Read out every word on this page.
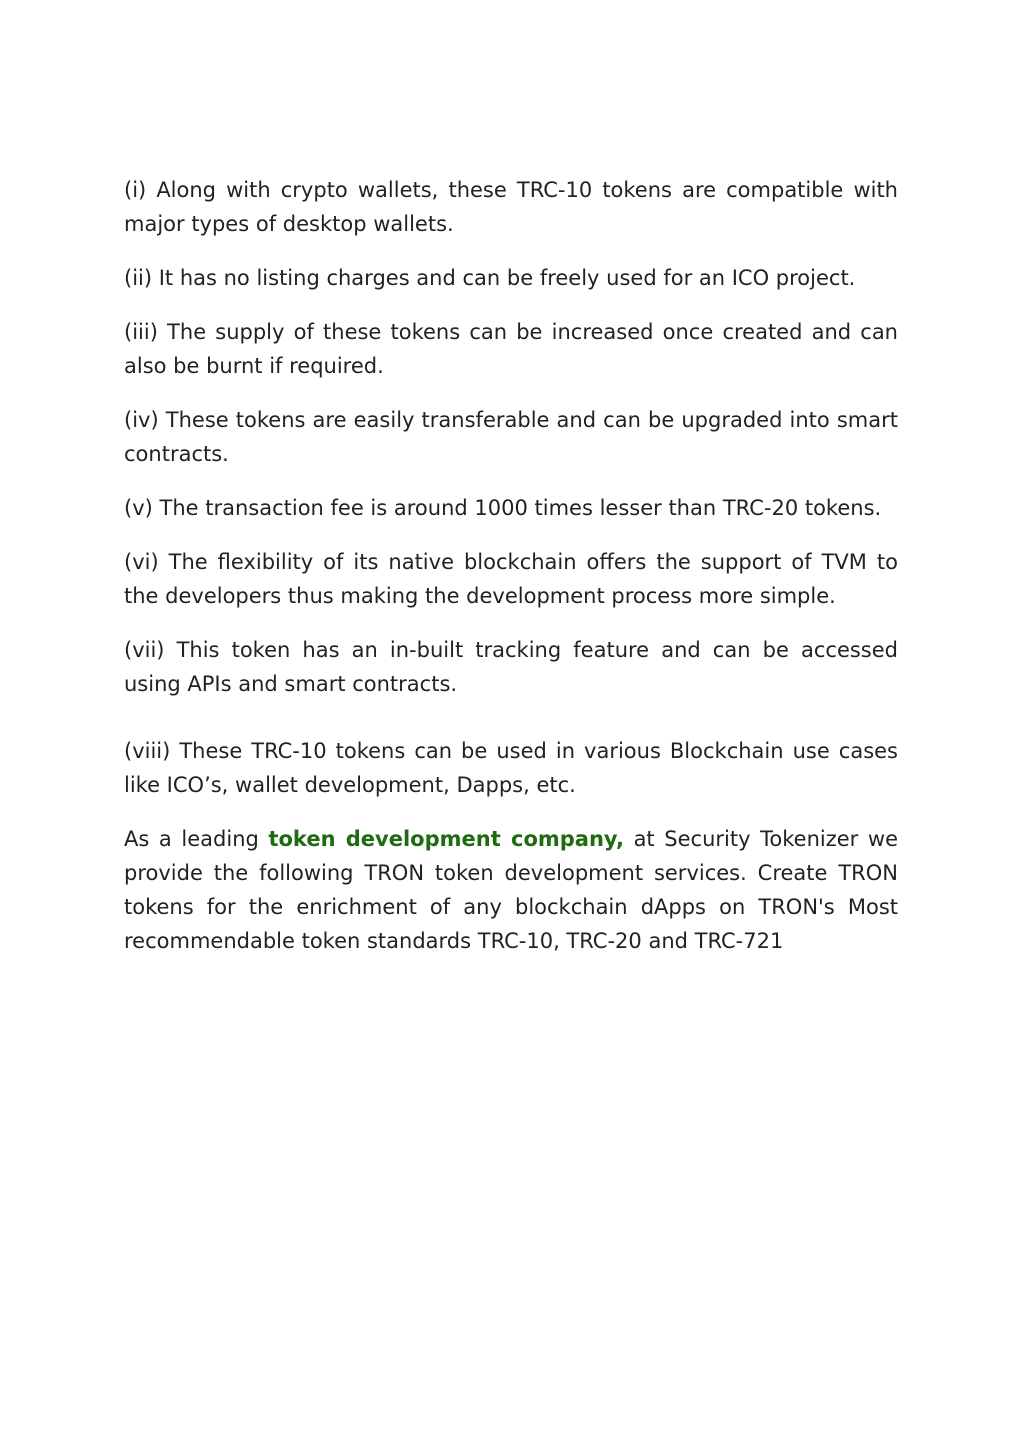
(i) Along with crypto wallets, these TRC-10 tokens are compatible with major types of desktop wallets.

(ii) It has no listing charges and can be freely used for an ICO project.

(iii) The supply of these tokens can be increased once created and can also be burnt if required.

(iv) These tokens are easily transferable and can be upgraded into smart contracts.

(v) The transaction fee is around 1000 times lesser than TRC-20 tokens.

(vi) The flexibility of its native blockchain offers the support of TVM to the developers thus making the development process more simple.

(vii) This token has an in-built tracking feature and can be accessed using APIs and smart contracts.

(viii) These TRC-10 tokens can be used in various Blockchain use cases like ICO’s, wallet development, Dapps, etc.

As a leading token development company, at Security Tokenizer we provide the following TRON token development services. Create TRON tokens for the enrichment of any blockchain dApps on TRON's Most recommendable token standards TRC-10, TRC-20 and TRC-721
